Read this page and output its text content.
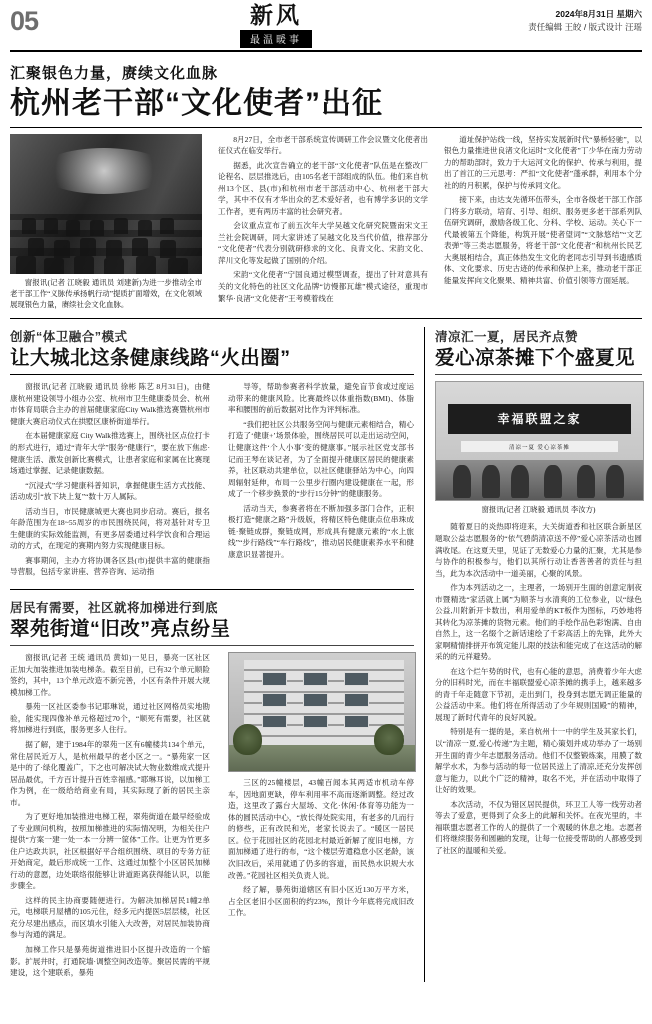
05	新风
最温暖事
2024年8月31日 星期六
责任编辑 王皎 / 版式设计 汪瑶
汇聚银色力量，赓续文化血脉
杭州老干部“文化使者”出征
窗报讯(记者 江晓毅 通讯员 刘建新)为进一步推动全市老干部工作“义脉传承扬帆行动”提质扩面增效，在文化领域展现银色力量，赓续社会文化血脉。

8月27日，全市老干部系统宣传调研工作会议暨文化使者出征仪式在临安举行。

据悉，此次宣告确立的老干部“文化使者”队伍是在整改厂论程名、层层推选后，由105名老干部组成的队伍。他们来自杭州13个区、县(市)和杭州市老干部活动中心、杭州老干部大学，其中不仅有才华出众的艺术爱好者，也有博学多识的文学工作者，更有两历丰富的社会研究者。

会议重点宣布了前五次年大学吴越文化研究院暨南宋文王兰社会院调研，同大家讲述了吴越文化及当代价值，推荐部分“文化使者”代表分别就研修求的文化、良青文化、宋韵文化、萍川文化等发起做了国别的介绍。

宋韵“文化使者”宁国良通过模型调查，提出了针对意具有关的文化特色的社区文化品牌“访慢都瓦雄”模式途径，重现市繁华·良渚“文化使者”王考模着线在

道址保护站线一线，坚持实发展新时代“暴桥轻驰”，以银色力量推进世良渚文化运时“文化使者”丁少华在南力劳动力的帮助部时，致力于大运河文化的保护、传承与利用，提出了首江的三元思考：严扣“文化使者”蓬承群，利用本个分社的的月积累，保护与传承同文化。

接下来，由达支先循环伍带头，全市各级老干部工作部门将多方联动，培育、引导、组织、服务更多老干部系列队伍研究调研，激励各级工化、分科、学校、运动。关心下一代最被第五个降能，构筑开展“使者望词”“文脉悠结”“文艺表弹”等三类志愿服务，将老干部“文化使者”和杭州长民艺大奥展相结合，真正体热发生文化的老同志引导到书遗感质体、文化要求、历史古迹的传承和保护上来，推动老干部正能量发挥向文化聚果、精神共富、价值引领等方面延展。

创新“体卫融合”模式
让大城北这条健康线路“火出圈”

窗报讯(记者 江晓毅 通讯员 徐彬 陈艺 8月31日)，由健康杭州建设领导小组办公室、杭州市卫生健康委员会、杭州市体育局联合主办的首届健康家庭City Walk推选赛暨杭州市健康大赛启动仪式在拱墅区康桥街道举行。

在本届健康家庭 City Walk推选赛上，围绕社区点位打卡的形式进行，通过“青年大学”服务“健康行”，要在放下焦虑·健康生活、激发创新比赛模式，让患者家庭和家属在比赛现场通过掌握、记录健康数据。

“沉浸式”学习健康科普知识，拿握健康生活方式技能、活动成引“放下块上复”“数十万人属际。

活动当日，市民健康城更大赛也同步启动。赛后，报名年龄范围为在18~55周岁的市民围绕民间，将对基针对专卫生健康的实际效能监测，有更多居委通过科学饮食和合理运动的方式，在现定的赛期内努力实现健康目标。

赛事期间，主办方将协调各区县(市)提供丰富的健康指导营服，包括专家讲座、营养咨询、运动指

导等，帮助参赛者科学放量，避免盲节食或过度运动带来的健康风险。比赛最终以体重指数(BMI)、体脂率和腰围的前后数据对比作为评判标准。

“我们把社区公共服务空间与健康元素相结合，精心打造了‘健康+’场景体验，围绕居民可以走出运动空间，让健康这件‘个人小事’变的健康事。”展示社区党支部书记而王琴在谈记者，为了全面提升健康区居民的健康素养，社区联动共建单位，以社区健康驿站为中心，向四周辐射延伸，布局一公里步行圈内建设健康在一起，形成了一个移步换景的“步行15分钟”的健康服务。

活动当天，参赛者将在不断加强多部门合作，正积极打造“健康之路”升级版，将精区特色健康点位串珠成链·聚链成群，聚链成网，形成具有健康元素的“水上旅线”“步行路线”“车行路线”，推动居民健康素养水平和健康意识显著提升。

居民有需要，社区就将加梯进行到底
翠苑街道“旧改”亮点纷呈

窗报讯(记者 王统 通讯员 黄如)一见日，暴亮一区社区正加大加装推进加装电梯条。截至目前，已有32个单元顺险签约，其中，13个单元改造不新完善，小区有条件开展大规模加梯工作。

暴苑一区社区委参书记耶琳说，通过社区网格员实地勘验，能实现四像补单元格超过70个，“顺死有需要，社区就将加梯进行到底，服务更多人住行。

据了解，建于1984年的翠苑一区有6幢楼共134个单元，常住居民近万人，是杭州最早的老小区之一。“暴苑家一区是中的了·绿化覆盖广，下之也可解决试大物业数维成式提升居品最优，千方百计提升百姓幸福感。”耶琳耳说，以加梯工作为例，在一级给给商业有局，其实际现了新的居民主亲市。

为了更好地加装推进电梯工程，翠苑街道在最早经验成了专业顾问机构，按照加梯推进的实际情况明，为相关住户提供“方案一建一处一本一分辨一筐体”工作。让更为竹更多住户达政共识，社区根据好平合组织围绕、项目的专务方征开始商定，最后形成统一工作、这通过加整个小区居民加梯行动的意愿，边处联络很能够让讲道距离获得能认识，以能步骤全。

这样的民主协商要随便进行。为解决加梯居民1幢2单元，电梯联月屋槽的105元住，经多元内提医5层层楼，社区充分尽建出感点，而区填水引能入大改善，对居民加装协商参与沟通的满足。

加梯工作只是暴苑街道推进旧小区提升改造的一个缩影。扩展井时，打通院墙·调整空间改造等。聚居民需的平规建设，这个建联系，暴苑

三区的25幢楼层，43幢百闻本其两适市机动车停车，因地面更缺，停车利用率不高而逐渐调整。经过改造，这里改了露台大屋场、文化·休闲·体育等功能为一体的圆民活动中心，“放长得处院实用，有老多的几而行的修些，正有改民和光，老家长说去了。“暖区一居民区。位于花园社区的花园北村最近新解了度旧电梯，方面加梯通了进行的布，“这个楼层劳遣稳怠小区老龄，该次旧改后，采用就通了仍多的容道，而民热水识规大水改善。”花园社区相关负责人说。

经了解，暴苑街道辖区有旧小区近130万平方米，占全区老旧小区面积的约23%，预计今年底将完成旧改工作。

清凉汇一夏，居民齐点赞
爱心凉茶摊下个盛夏见
幸福联盟之家
清凉一夏 爱心凉茶摊
窗报讯(记者 江晓毅 通讯员 李汝方)

随着夏日的炎热即将迎来，大关街道香和社区联合新星区题取公益志愿服务的“依气碧荫清凉送不停”爱心凉茶活动也圆满收尾。在这夏天里，见证了无数爱心力量的汇聚，尤其是参与协作的积极参与，他们以其所行动让香菩善者的贡任与担当，此为本次活动中一道美丽，心聚的风景。

作为本列活动之一，主理者，一场别开生面的创意定制夜市暨精选“家活就上属”为顺茶与水清爽的工位参业，以“绿色公益,川附新开卡数出，利用爱单的KT板作为图标，巧妙地将其转化为凉茶摊的货物元素。他们的手绘作品色彩饱满、自由自然上，这一名缀个之新话速绘了千彩高活上的先锋，此外大家啊精情排拼开布筑定能儿,限的技法和能完成了在这活动的解采的的元祥避势。

在这个烂午势的时代，也有心能的意思，消费着少年大虑分的旧科时光，而在丰福联盟爱心凉茶摊的携手上，越来越多的青千年走随意下节初，走出到门，投身到志愿无调正能量的公益活动中来。他们将在所得活动了少年规则国殿”的精神，展现了新时代青年的良好风貌。

特别是有一提的是，来自杭州十一中的学生及其家长们，以“清凉一夏,爱心传递”为主题，精心策划并成功举办了一场别开生面的青少年志愿服务活动。他们不仅整锻炼案，用膜了数解学水术，为参与活动的每一位居民送上了清凉,还充分发挥创意与能力，以此个广泛的精神，取名不光，并在活动中取得了让好的效果。

本次活动，不仅为错区居民提供，环卫工人等一线劳动者等去了爱意，更得到了众多上的此解和关怀。在夜光里的，丰福联盟志愿者工作的人的提供了一个观暖的休息之地。志愿者们将继续服务和圆融的发现，让每一位接受帮助的人都感受到了社区的温暖和关爱。
